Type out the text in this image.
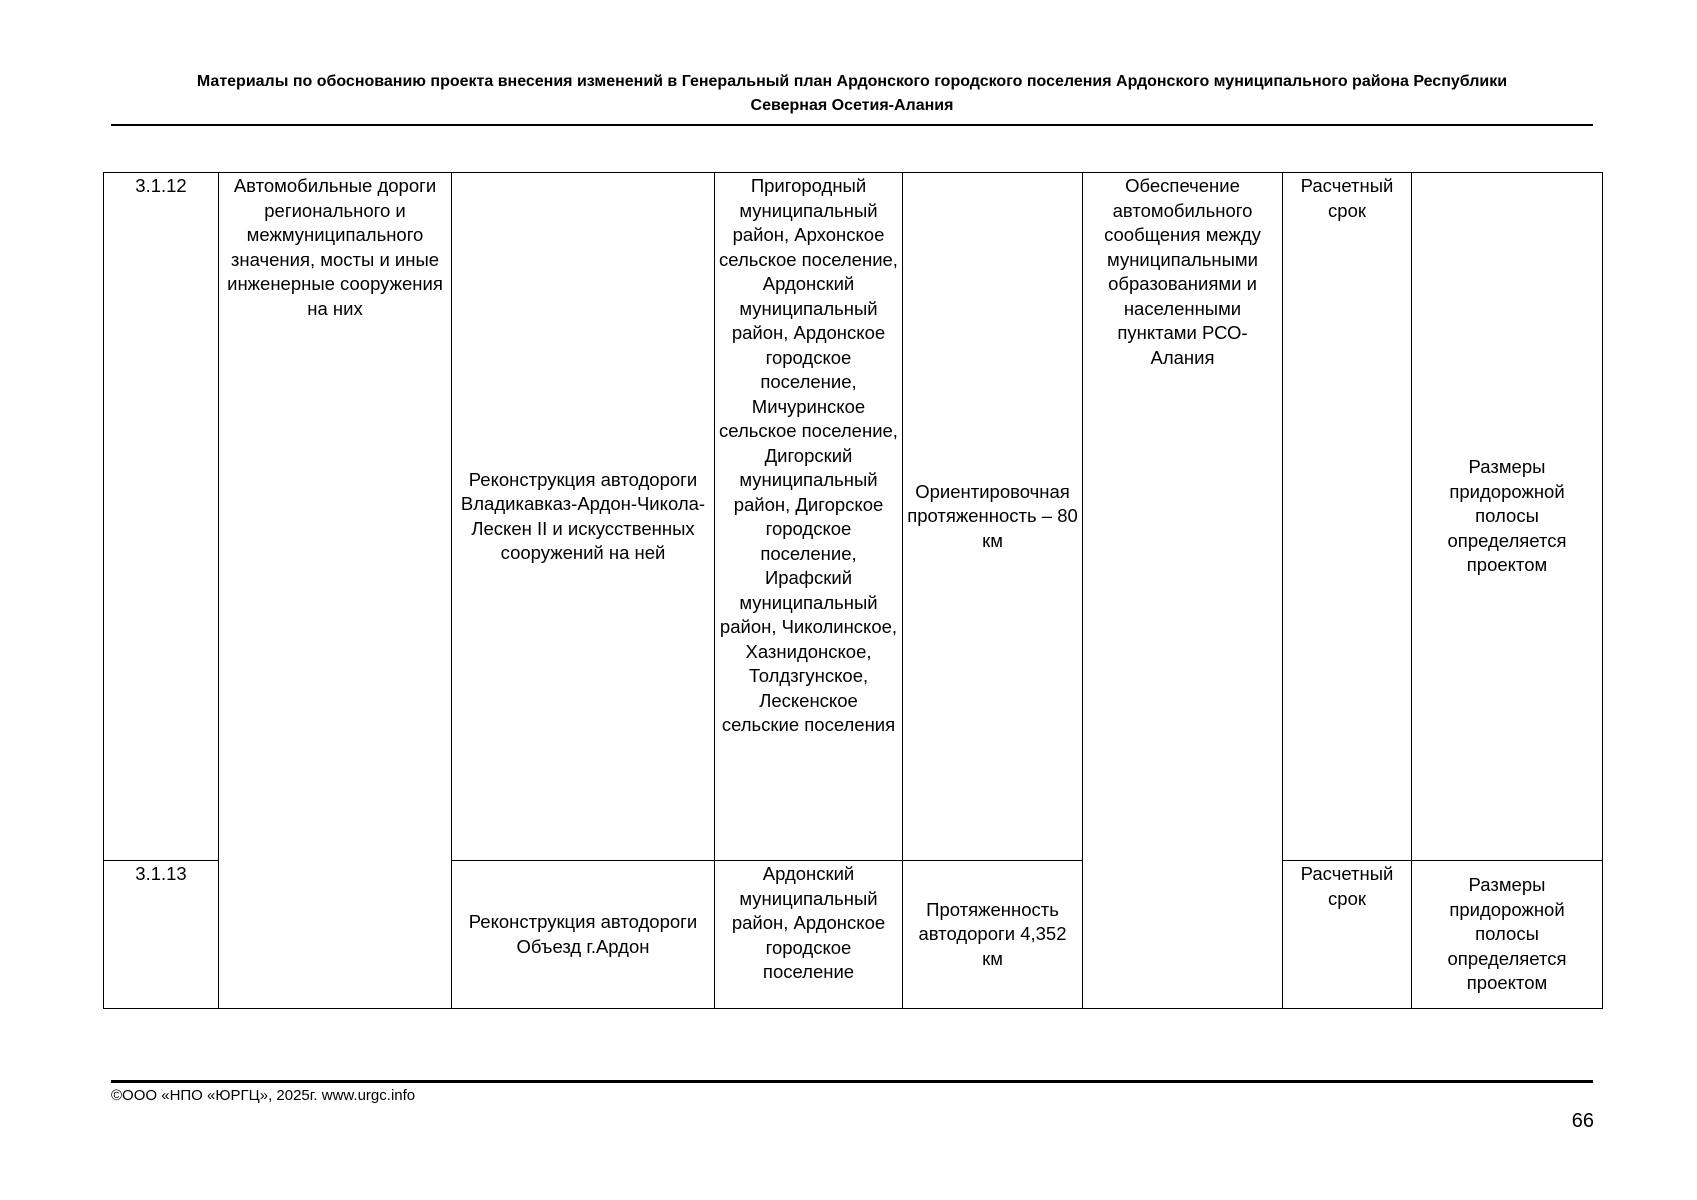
Материалы по обоснованию проекта внесения изменений в Генеральный план Ардонского городского поселения Ардонского муниципального района Республики
Северная Осетия-Алания
3.1.12	Автомобильные дороги регионального и межмуниципального значения, мосты и иные инженерные сооружения на них	Реконструкция автодороги Владикавказ-Ардон-Чикола-Лескен II и искусственных сооружений на ней	Пригородный муниципальный район, Архонское сельское поселение, Ардонский муниципальный район, Ардонское городское поселение, Мичуринское сельское поселение, Дигорский муниципальный район, Дигорское городское поселение, Ирафский муниципальный район, Чиколинское, Хазнидонское, Толдзгунское, Лескенское сельские поселения	Ориентировочная протяженность – 80 км	Обеспечение автомобильного сообщения между муниципальными образованиями и населенными пунктами РСО-Алания	Расчетный срок	Размеры придорожной полосы определяется проектом
3.1.13		Реконструкция автодороги Объезд г.Ардон	Ардонский муниципальный район, Ардонское городское поселение	Протяженность автодороги 4,352 км		Расчетный срок	Размеры придорожной полосы определяется проектом
©ООО «НПО «ЮРГЦ», 2025г. www.urgc.info
66
